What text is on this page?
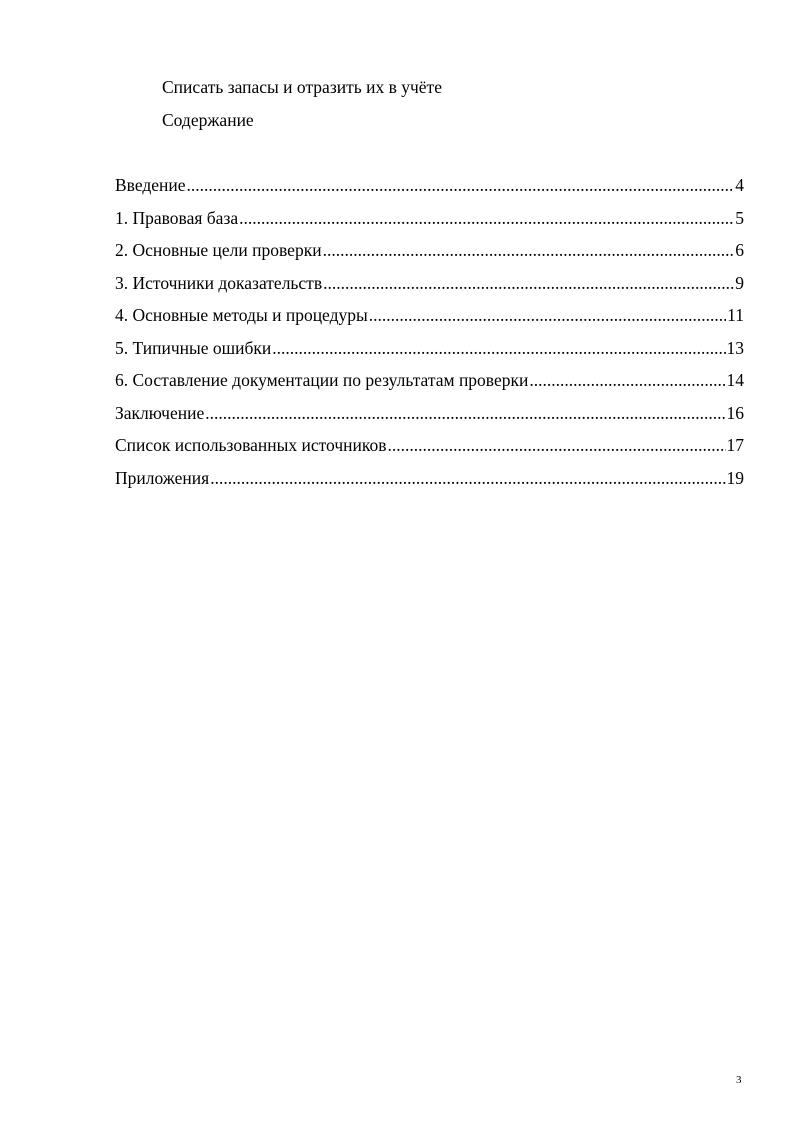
Списать запасы и отразить их в учёте
Содержание
Введение .....	4
1. Правовая база .....	5
2. Основные цели проверки .....	6
3. Источники доказательств .....	9
4. Основные методы и процедуры .....	11
5. Типичные ошибки .....	13
6. Составление документации по результатам проверки .....	14
Заключение .....	16
Список использованных источников .....	17
Приложения .....	19
3
